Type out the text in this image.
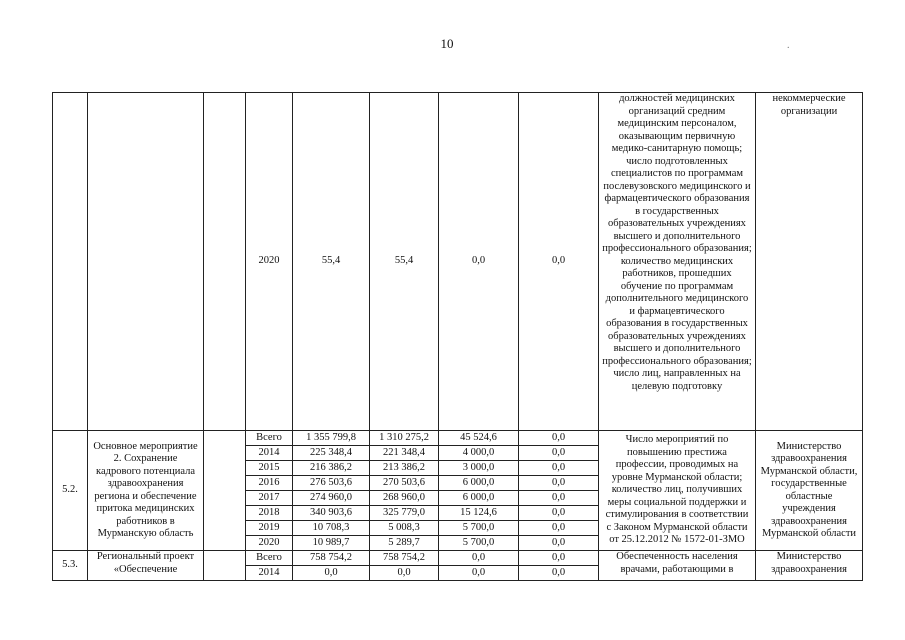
10	.
			2020	55,4	55,4	0,0	0,0	должностей медицинских организаций средним медицинским персоналом, оказывающим первичную медико-санитарную помощь; число подготовленных специалистов по программам послевузовского медицинского и фармацевтического образования в государственных образовательных учреждениях высшего и дополнительного профессионального образования; количество медицинских работников, прошедших обучение по программам дополнительного медицинского и фармацевтического образования в государственных образовательных учреждениях высшего и дополнительного профессионального образования; число лиц, направленных на целевую подготовку	некоммерческие организации
5.2.	Основное мероприятие 2. Сохранение кадрового потенциала здравоохранения региона и обеспечение притока медицинских работников в Мурманскую область		Всего	1 355 799,8	1 310 275,2	45 524,6	0,0	Число мероприятий по повышению престижа профессии, проводимых на уровне Мурманской области; количество лиц, получивших меры социальной поддержки и стимулирования в соответствии с Законом Мурманской области от 25.12.2012 № 1572-01-ЗМО	Министерство здравоохранения Мурманской области, государственные областные учреждения здравоохранения Мурманской области
			2014	225 348,4	221 348,4	4 000,0	0,0		
			2015	216 386,2	213 386,2	3 000,0	0,0		
			2016	276 503,6	270 503,6	6 000,0	0,0		
			2017	274 960,0	268 960,0	6 000,0	0,0		
			2018	340 903,6	325 779,0	15 124,6	0,0		
			2019	10 708,3	5 008,3	5 700,0	0,0		
			2020	10 989,7	5 289,7	5 700,0	0,0		
5.3.	Региональный проект «Обеспечение		Всего	758 754,2	758 754,2	0,0	0,0	Обеспеченность населения врачами, работающими в	Министерство здравоохранения
			2014	0,0	0,0	0,0	0,0		
